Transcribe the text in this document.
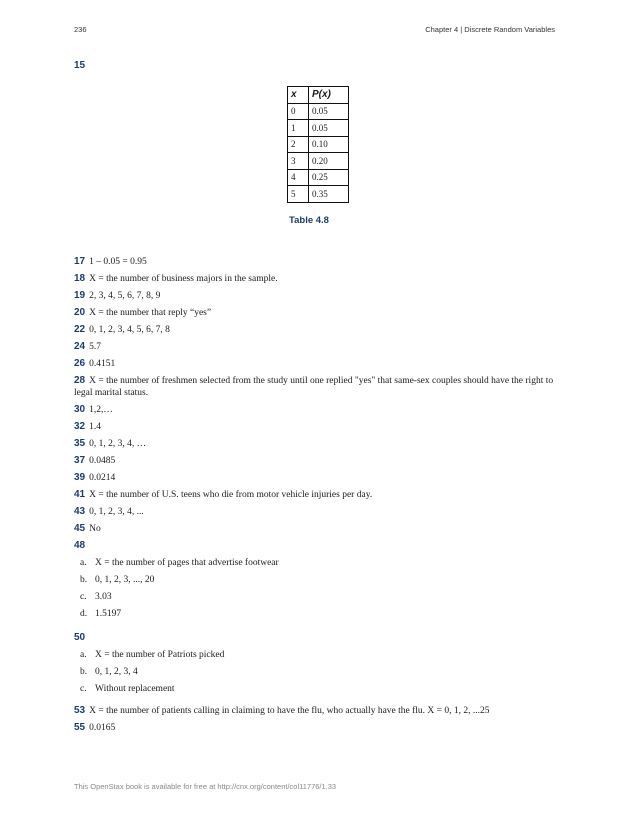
236	Chapter 4 | Discrete Random Variables
15
x	P(x)
0	0.05
1	0.05
2	0.10
3	0.20
4	0.25
5	0.35
Table 4.8
17 1 – 0.05 = 0.95
18 X = the number of business majors in the sample.
19 2, 3, 4, 5, 6, 7, 8, 9
20 X = the number that reply “yes”
22 0, 1, 2, 3, 4, 5, 6, 7, 8
24 5.7
26 0.4151
28 X = the number of freshmen selected from the study until one replied "yes" that same-sex couples should have the right to legal marital status.
30 1,2,…
32 1.4
35 0, 1, 2, 3, 4, …
37 0.0485
39 0.0214
41 X = the number of U.S. teens who die from motor vehicle injuries per day.
43 0, 1, 2, 3, 4, ...
45 No
48
a. X = the number of pages that advertise footwear
b. 0, 1, 2, 3, ..., 20
c. 3.03
d. 1.5197
50
a. X = the number of Patriots picked
b. 0, 1, 2, 3, 4
c. Without replacement
53 X = the number of patients calling in claiming to have the flu, who actually have the flu. X = 0, 1, 2, ...25
55 0.0165
This OpenStax book is available for free at http://cnx.org/content/col11776/1.33
